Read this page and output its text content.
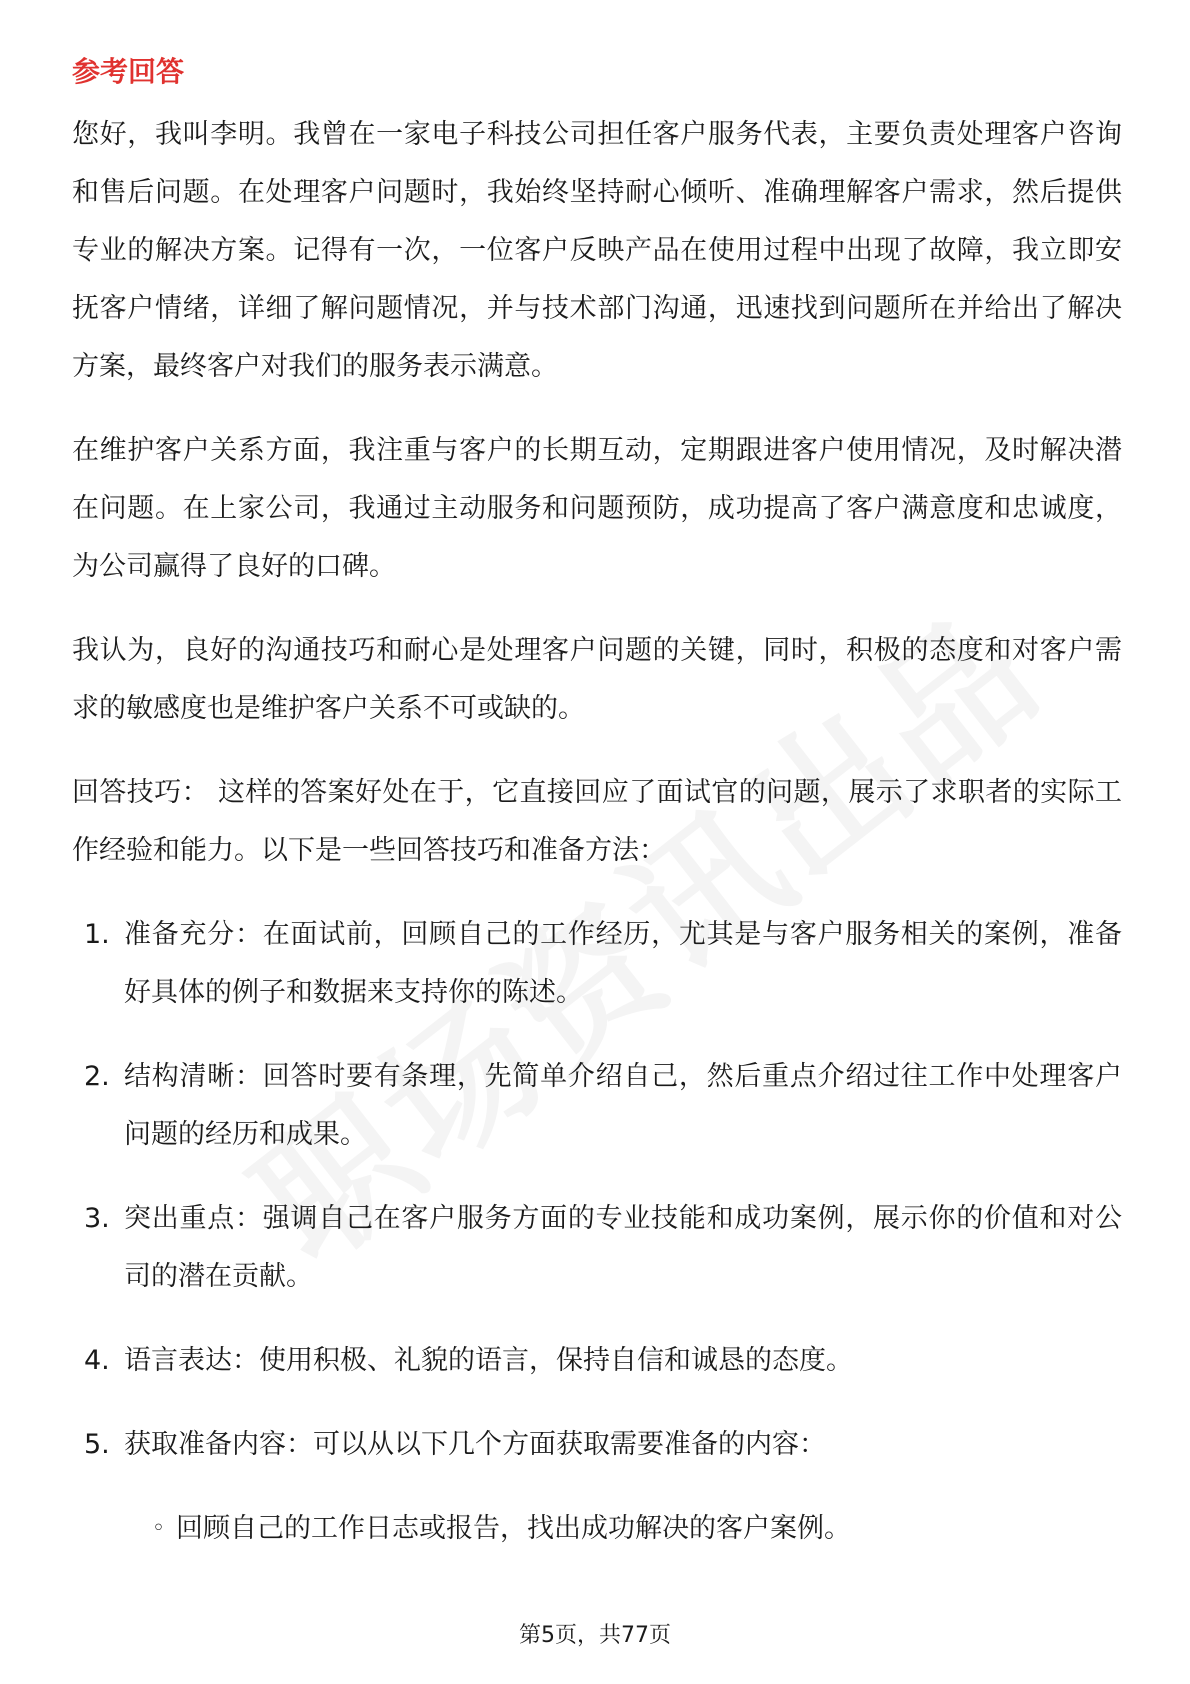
参考回答

您好，我叫李明。我曾在一家电子科技公司担任客户服务代表，主要负责处理客户咨询和售后问题。在处理客户问题时，我始终坚持耐心倾听、准确理解客户需求，然后提供专业的解决方案。记得有一次，一位客户反映产品在使用过程中出现了故障，我立即安抚客户情绪，详细了解问题情况，并与技术部门沟通，迅速找到问题所在并给出了解决方案，最终客户对我们的服务表示满意。

在维护客户关系方面，我注重与客户的长期互动，定期跟进客户使用情况，及时解决潜在问题。在上家公司，我通过主动服务和问题预防，成功提高了客户满意度和忠诚度，为公司赢得了良好的口碑。

我认为，良好的沟通技巧和耐心是处理客户问题的关键，同时，积极的态度和对客户需求的敏感度也是维护客户关系不可或缺的。

回答技巧： 这样的答案好处在于，它直接回应了面试官的问题，展示了求职者的实际工作经验和能力。以下是一些回答技巧和准备方法：

1. 准备充分：在面试前，回顾自己的工作经历，尤其是与客户服务相关的案例，准备好具体的例子和数据来支持你的陈述。
2. 结构清晰：回答时要有条理，先简单介绍自己，然后重点介绍过往工作中处理客户问题的经历和成果。
3. 突出重点：强调自己在客户服务方面的专业技能和成功案例，展示你的价值和对公司的潜在贡献。
4. 语言表达：使用积极、礼貌的语言，保持自信和诚恳的态度。
5. 获取准备内容：可以从以下几个方面获取需要准备的内容：
◦ 回顾自己的工作日志或报告，找出成功解决的客户案例。
第5页，共77页
